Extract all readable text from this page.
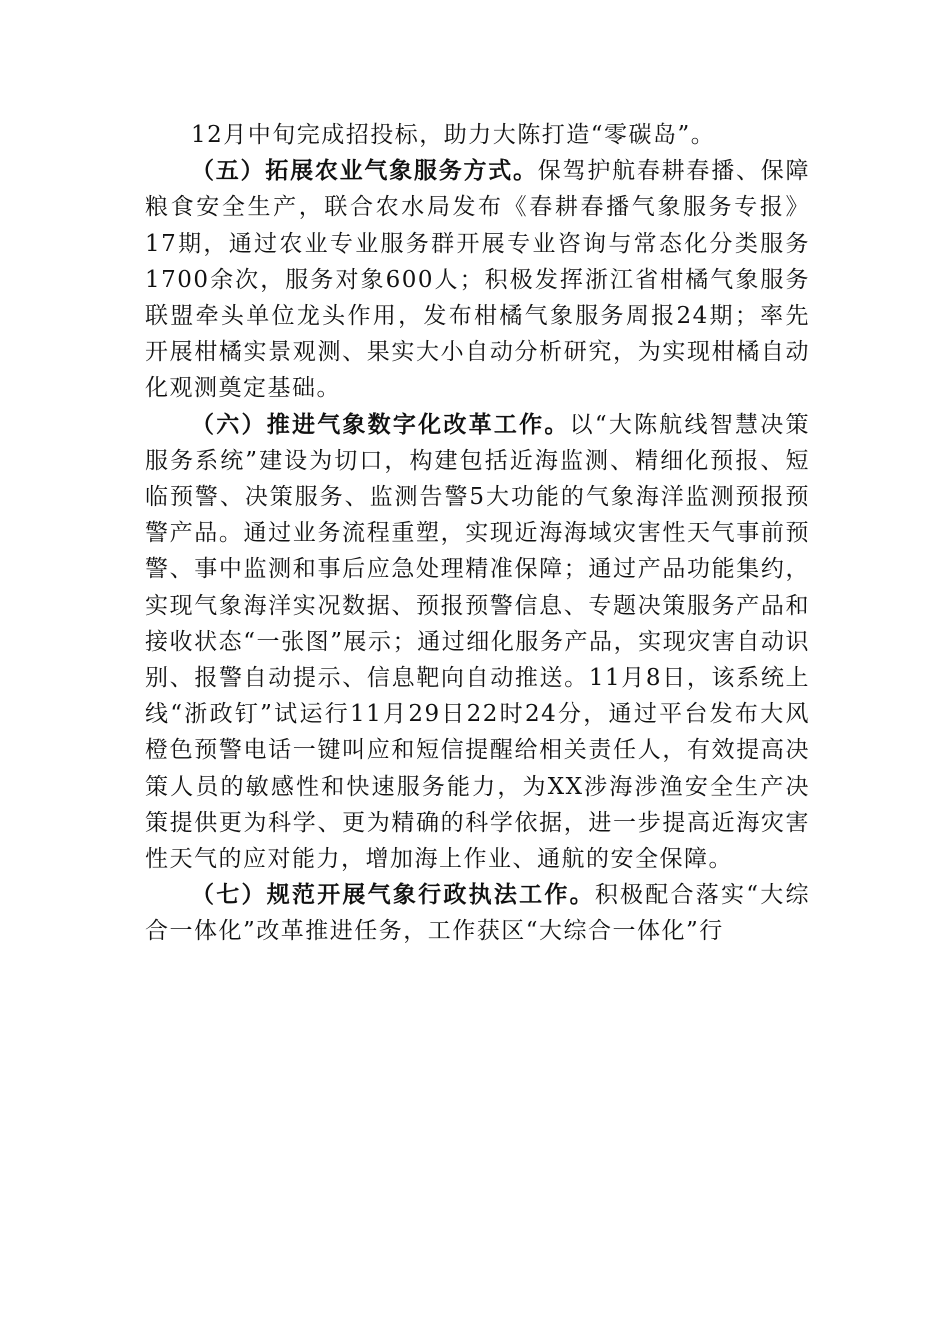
12月中旬完成招投标，助力大陈打造“零碳岛”。

（五）拓展农业气象服务方式。保驾护航春耕春播、保障粮食安全生产，联合农水局发布《春耕春播气象服务专报》17期，通过农业专业服务群开展专业咨询与常态化分类服务1700余次，服务对象600人；积极发挥浙江省柑橘气象服务联盟牵头单位龙头作用，发布柑橘气象服务周报24期；率先开展柑橘实景观测、果实大小自动分析研究，为实现柑橘自动化观测奠定基础。

（六）推进气象数字化改革工作。以“大陈航线智慧决策服务系统”建设为切口，构建包括近海监测、精细化预报、短临预警、决策服务、监测告警5大功能的气象海洋监测预报预警产品。通过业务流程重塑，实现近海海域灾害性天气事前预警、事中监测和事后应急处理精准保障；通过产品功能集约，实现气象海洋实况数据、预报预警信息、专题决策服务产品和接收状态“一张图”展示；通过细化服务产品，实现灾害自动识别、报警自动提示、信息靶向自动推送。11月8日，该系统上线“浙政钉”试运行11月29日22时24分，通过平台发布大风橙色预警电话一键叫应和短信提醒给相关责任人，有效提高决策人员的敏感性和快速服务能力，为XX涉海涉渔安全生产决策提供更为科学、更为精确的科学依据，进一步提高近海灾害性天气的应对能力，增加海上作业、通航的安全保障。

（七）规范开展气象行政执法工作。积极配合落实“大综合一体化”改革推进任务，工作获区“大综合一体化”行
